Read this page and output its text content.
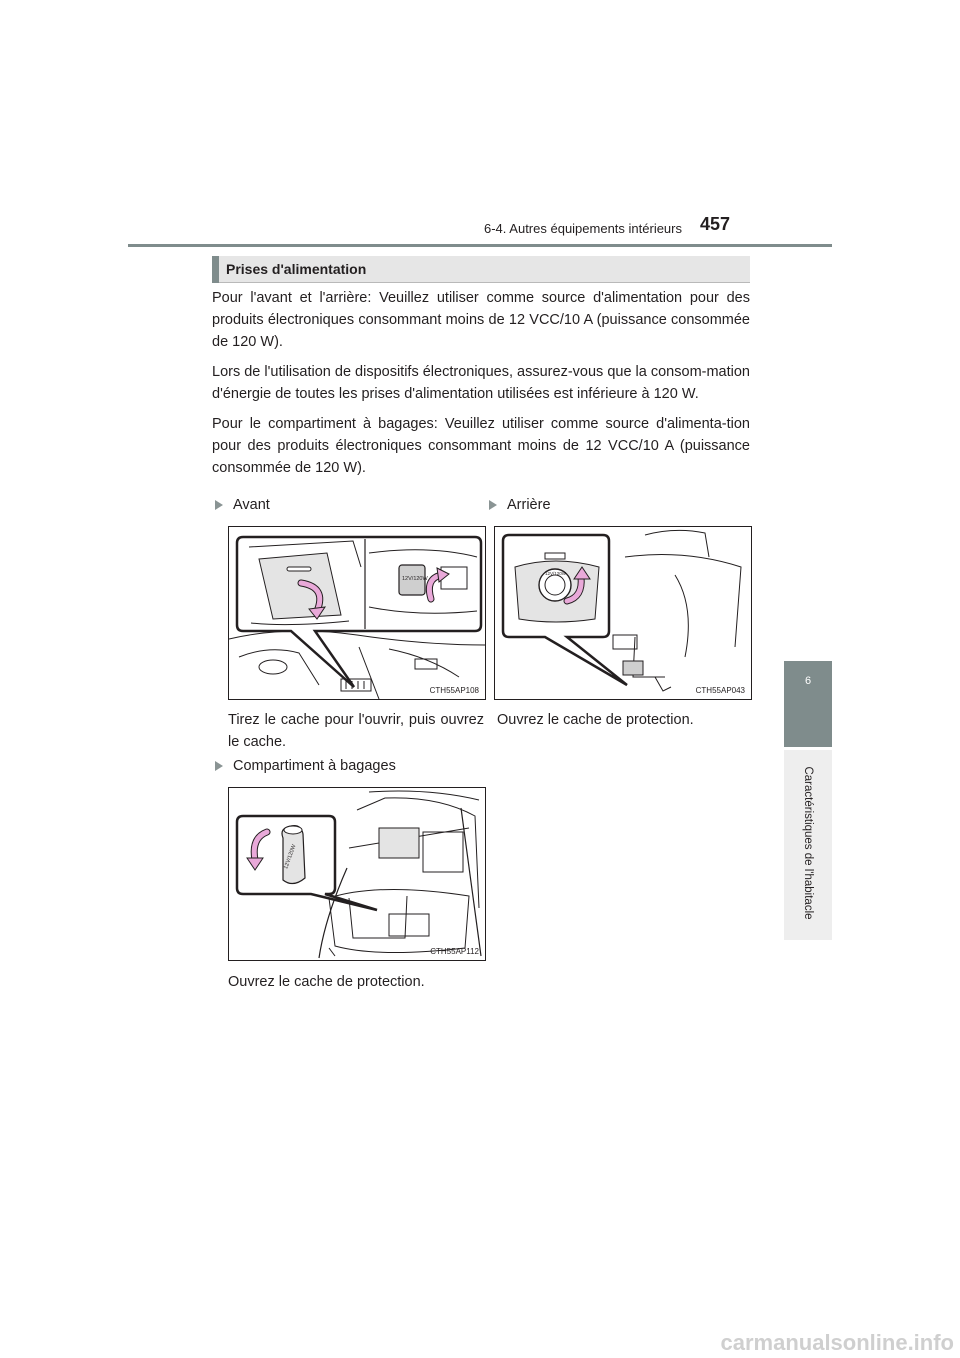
6-4. Autres équipements intérieurs 457
6
Caractéristiques de l'habitacle
Prises d'alimentation

Pour l'avant et l'arrière: Veuillez utiliser comme source d'alimentation pour des produits électroniques consommant moins de 12 VCC/10 A (puissance consommée de 120 W).

Lors de l'utilisation de dispositifs électroniques, assurez-vous que la consom-mation d'énergie de toutes les prises d'alimentation utilisées est inférieure à 120 W.

Pour le compartiment à bagages: Veuillez utiliser comme source d'alimenta-tion pour des produits électroniques consommant moins de 12 VCC/10 A (puissance consommée de 120 W).

Avant	Arrière
12V/120W
CTH55AP108
12V/120W
CTH55AP043
Tirez le cache pour l'ouvrir, puis ouvrez le cache.
Ouvrez le cache de protection.
Compartiment à bagages
12V/120W
CTH55AP112
Ouvrez le cache de protection.
carmanualsonline.info
